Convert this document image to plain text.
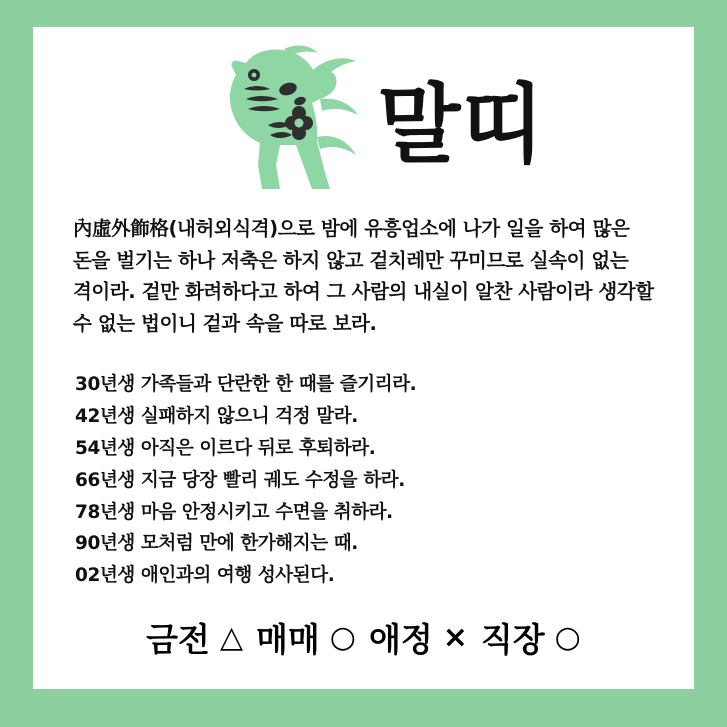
말띠
內虛外飾格(내허외식격)으로 밤에 유흥업소에 나가 일을 하여 많은 돈을 벌기는 하나 저축은 하지 않고 겉치레만 꾸미므로 실속이 없는 격이라. 겉만 화려하다고 하여 그 사람의 내실이 알찬 사람이라 생각할 수 없는 법이니 겉과 속을 따로 보라.
30년생 가족들과 단란한 한 때를 즐기리라.
42년생 실패하지 않으니 걱정 말라.
54년생 아직은 이르다 뒤로 후퇴하라.
66년생 지금 당장 빨리 궤도 수정을 하라.
78년생 마음 안정시키고 수면을 취하라.
90년생 모처럼 만에 한가해지는 때.
02년생 애인과의 여행 성사된다.
금전 △ 매매 ○ 애정 × 직장 ○
